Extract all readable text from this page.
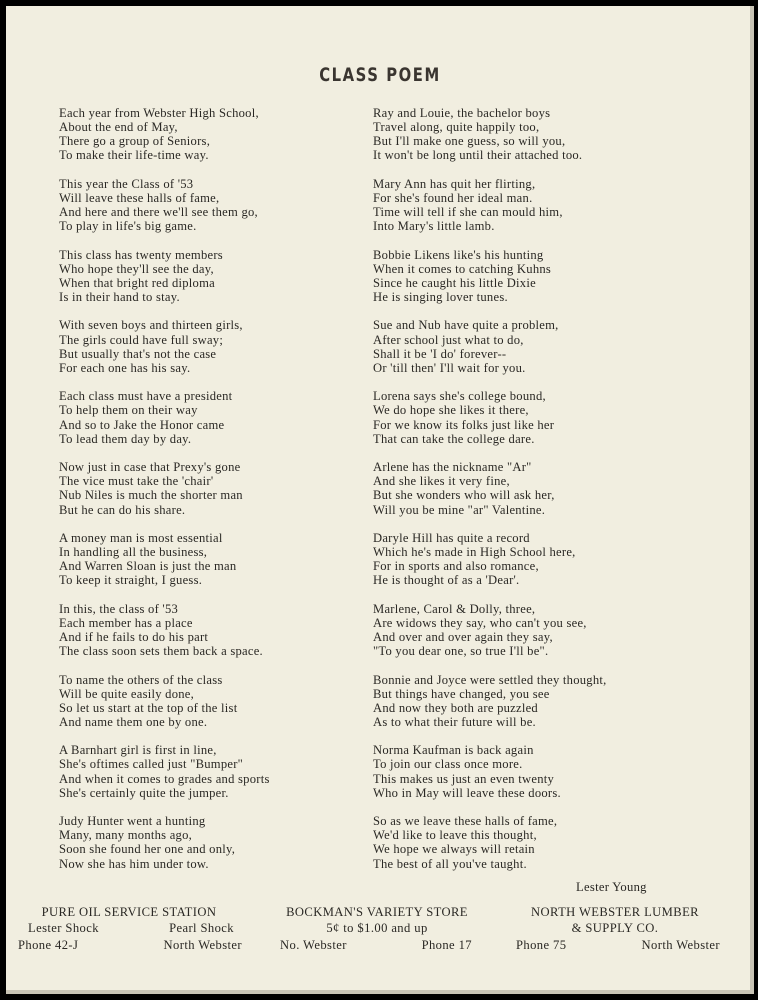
CLASS POEM
Each year from Webster High School,
About the end of May,
There go a group of Seniors,
To make their life-time way.
This year the Class of '53
Will leave these halls of fame,
And here and there we'll see them go,
To play in life's big game.
This class has twenty members
Who hope they'll see the day,
When that bright red diploma
Is in their hand to stay.
With seven boys and thirteen girls,
The girls could have full sway;
But usually that's not the case
For each one has his say.
Each class must have a president
To help them on their way
And so to Jake the Honor came
To lead them day by day.
Now just in case that Prexy's gone
The vice must take the 'chair'
Nub Niles is much the shorter man
But he can do his share.
A money man is most essential
In handling all the business,
And Warren Sloan is just the man
To keep it straight, I guess.
In this, the class of '53
Each member has a place
And if he fails to do his part
The class soon sets them back a space.
To name the others of the class
Will be quite easily done,
So let us start at the top of the list
And name them one by one.
A Barnhart girl is first in line,
She's oftimes called just "Bumper"
And when it comes to grades and sports
She's certainly quite the jumper.
Judy Hunter went a hunting
Many, many months ago,
Soon she found her one and only,
Now she has him under tow.
Ray and Louie, the bachelor boys
Travel along, quite happily too,
But I'll make one guess, so will you,
It won't be long until their attached too.
Mary Ann has quit her flirting,
For she's found her ideal man.
Time will tell if she can mould him,
Into Mary's little lamb.
Bobbie Likens like's his hunting
When it comes to catching Kuhns
Since he caught his little Dixie
He is singing lover tunes.
Sue and Nub have quite a problem,
After school just what to do,
Shall it be 'I do' forever--
Or 'till then' I'll wait for you.
Lorena says she's college bound,
We do hope she likes it there,
For we know its folks just like her
That can take the college dare.
Arlene has the nickname "Ar"
And she likes it very fine,
But she wonders who will ask her,
Will you be mine "ar" Valentine.
Daryle Hill has quite a record
Which he's made in High School here,
For in sports and also romance,
He is thought of as a 'Dear'.
Marlene, Carol & Dolly, three,
Are widows they say, who can't you see,
And over and over again they say,
"To you dear one, so true I'll be".
Bonnie and Joyce were settled they thought,
But things have changed, you see
And now they both are puzzled
As to what their future will be.
Norma Kaufman is back again
To join our class once more.
This makes us just an even twenty
Who in May will leave these doors.
So as we leave these halls of fame,
We'd like to leave this thought,
We hope we always will retain
The best of all you've taught.
Lester Young
PURE OIL SERVICE STATION
Lester Shock	Pearl Shock
Phone 42-J	North Webster
BOCKMAN'S VARIETY STORE
5¢ to $1.00 and up
No. Webster	Phone 17
NORTH WEBSTER LUMBER
& SUPPLY CO.
Phone 75	North Webster
